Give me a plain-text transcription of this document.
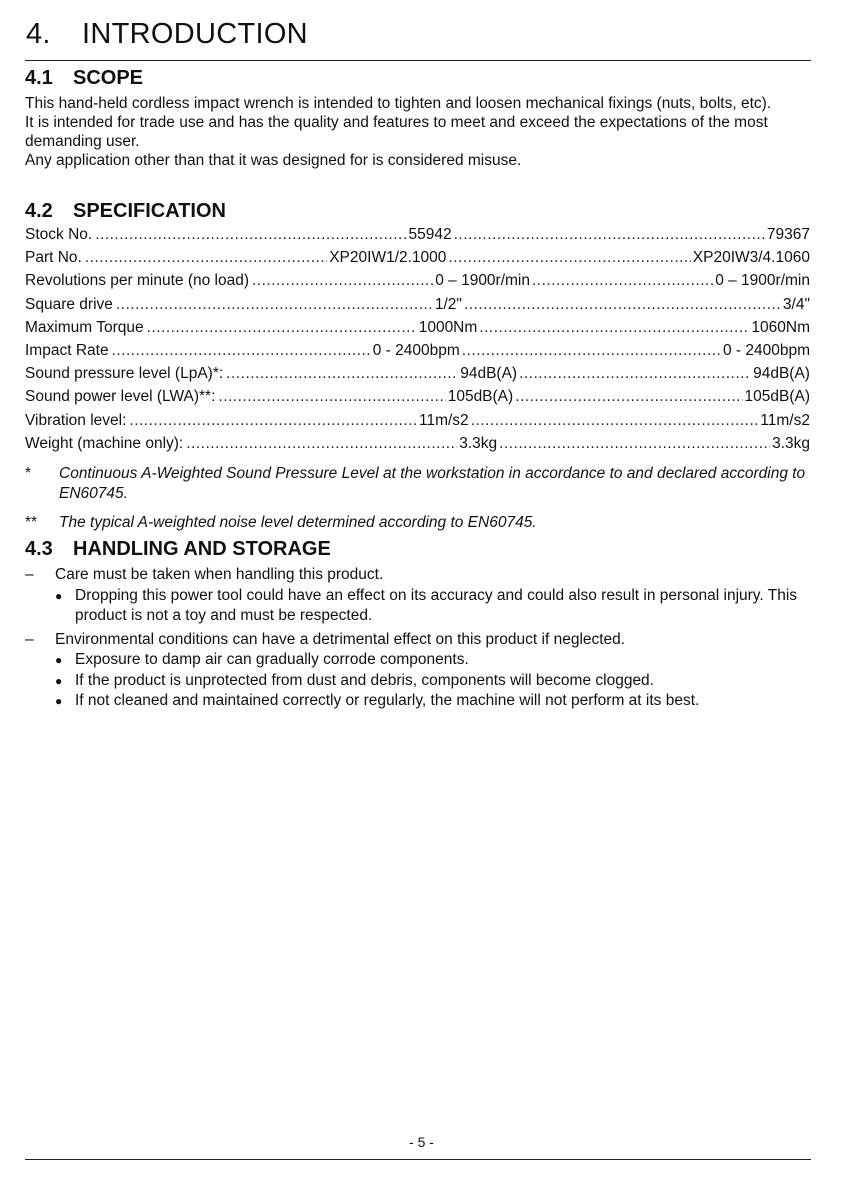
4. INTRODUCTION
4.1 SCOPE

This hand-held cordless impact wrench is intended to tighten and loosen mechanical fixings (nuts, bolts, etc).

It is intended for trade use and has the quality and features to meet and exceed the expectations of the most demanding user.

Any application other than that it was designed for is considered misuse.

4.2 SPECIFICATION
Stock No. .....	55942 .....	79367
Part No. .....	XP20IW1/2.1000 .....	XP20IW3/4.1060
Revolutions per minute (no load) .....	0 – 1900r/min .....	0 – 1900r/min
Square drive .....	1/2" .....	3/4"
Maximum Torque .....	1000Nm .....	1060Nm
Impact Rate .....	0 - 2400bpm .....	0 - 2400bpm
Sound pressure level (LpA)*: .....	94dB(A) .....	94dB(A)
Sound power level (LWA)**: .....	105dB(A) .....	105dB(A)
Vibration level: .....	11m/s2 .....	11m/s2
Weight (machine only): .....	3.3kg .....	3.3kg
*	Continuous A-Weighted Sound Pressure Level at the workstation in accordance to and declared according to EN60745.
**	The typical A-weighted noise level determined according to EN60745.
4.3 HANDLING AND STORAGE
–	Care must be taken when handling this product.

● Dropping this power tool could have an effect on its accuracy and could also result in personal injury. This product is not a toy and must be respected.
–	Environmental conditions can have a detrimental effect on this product if neglected.

● Exposure to damp air can gradually corrode components.
● If the product is unprotected from dust and debris, components will become clogged.
● If not cleaned and maintained correctly or regularly, the machine will not perform at its best.
- 5 -
